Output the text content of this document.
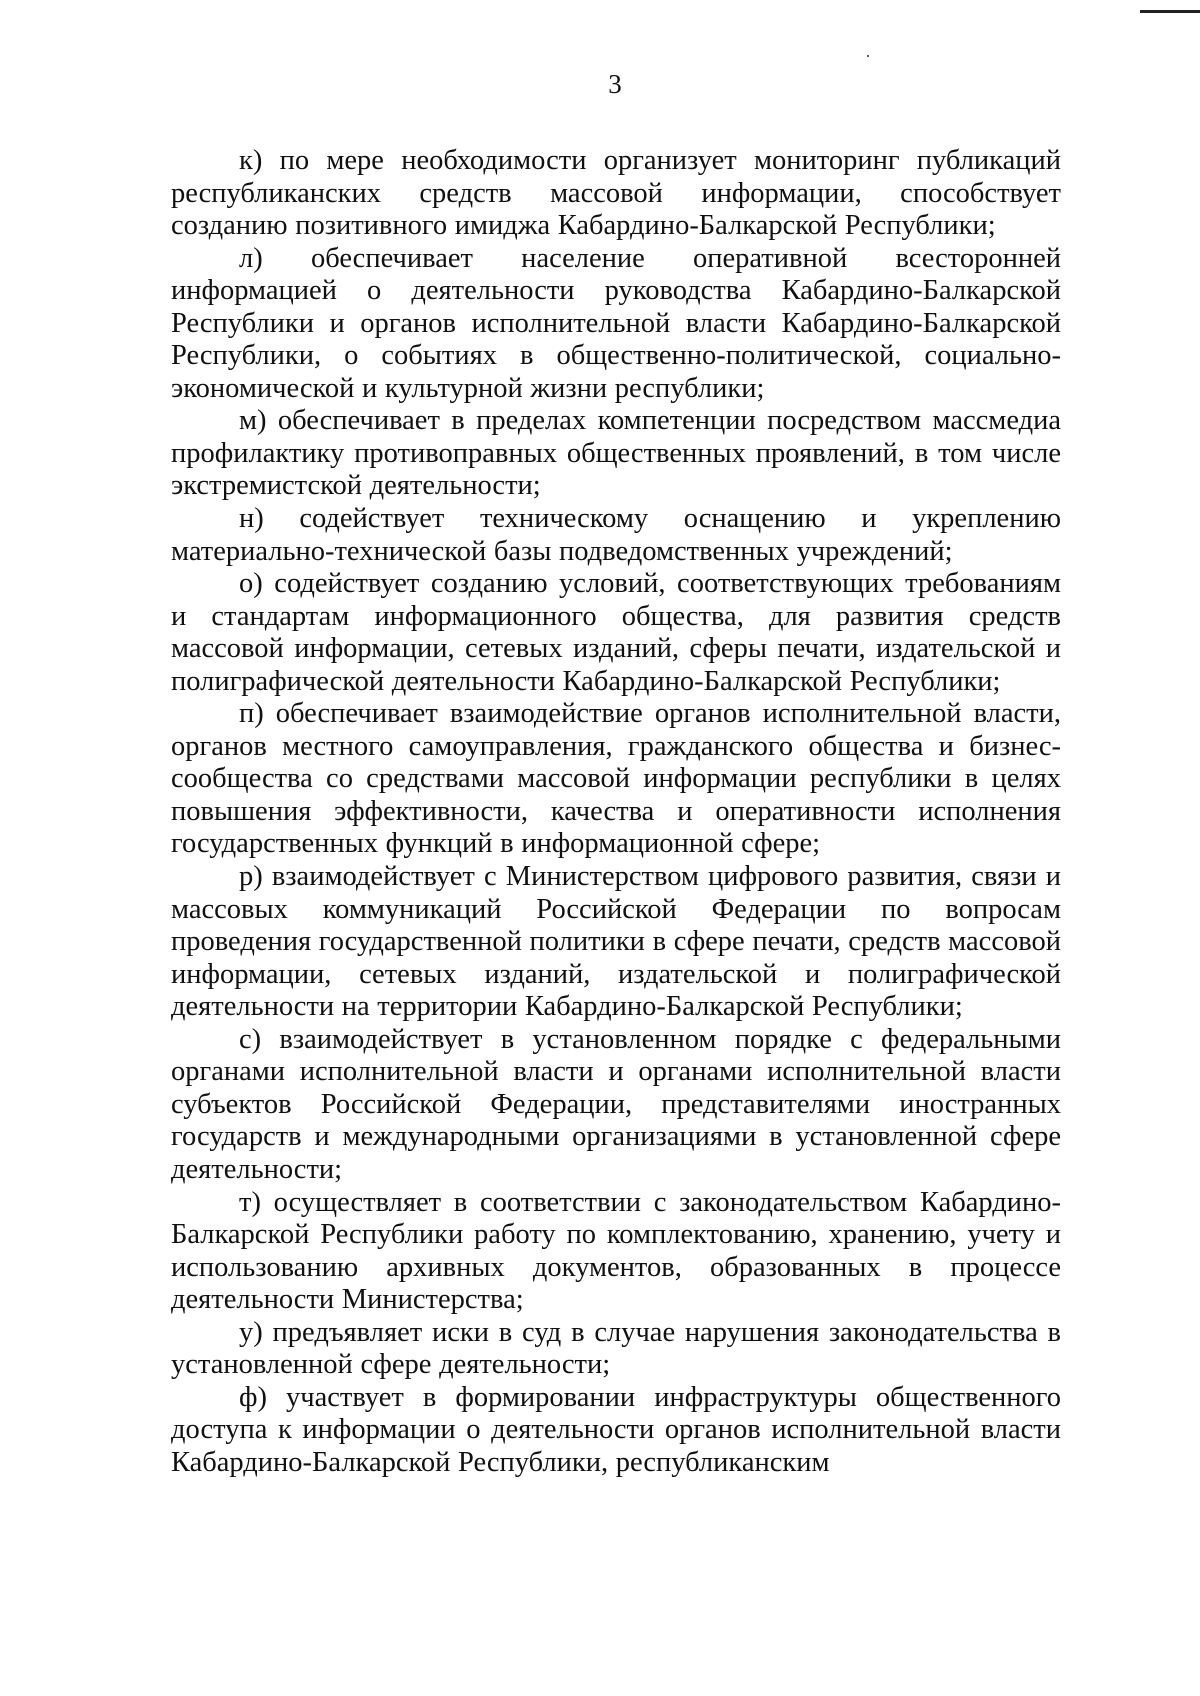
3

к) по мере необходимости организует мониторинг публикаций республиканских средств массовой информации, способствует созданию позитивного имиджа Кабардино-Балкарской Республики;

л) обеспечивает население оперативной всесторонней информацией о деятельности руководства Кабардино-Балкарской Республики и органов исполнительной власти Кабардино-Балкарской Республики, о событиях в общественно-политической, социально-экономической и культурной жизни республики;

м) обеспечивает в пределах компетенции посредством массмедиа профилактику противоправных общественных проявлений, в том числе экстремистской деятельности;

н) содействует техническому оснащению и укреплению материально-технической базы подведомственных учреждений;

о) содействует созданию условий, соответствующих требованиям и стандартам информационного общества, для развития средств массовой информации, сетевых изданий, сферы печати, издательской и полиграфической деятельности Кабардино-Балкарской Республики;

п) обеспечивает взаимодействие органов исполнительной власти, органов местного самоуправления, гражданского общества и бизнес-сообщества со средствами массовой информации республики в целях повышения эффективности, качества и оперативности исполнения государственных функций в информационной сфере;

р) взаимодействует с Министерством цифрового развития, связи и массовых коммуникаций Российской Федерации по вопросам проведения государственной политики в сфере печати, средств массовой информации, сетевых изданий, издательской и полиграфической деятельности на территории Кабардино-Балкарской Республики;

с) взаимодействует в установленном порядке с федеральными органами исполнительной власти и органами исполнительной власти субъектов Российской Федерации, представителями иностранных государств и международными организациями в установленной сфере деятельности;

т) осуществляет в соответствии с законодательством Кабардино-Балкарской Республики работу по комплектованию, хранению, учету и использованию архивных документов, образованных в процессе деятельности Министерства;

у) предъявляет иски в суд в случае нарушения законодательства в установленной сфере деятельности;

ф) участвует в формировании инфраструктуры общественного доступа к информации о деятельности органов исполнительной власти Кабардино-Балкарской Республики, республиканским
